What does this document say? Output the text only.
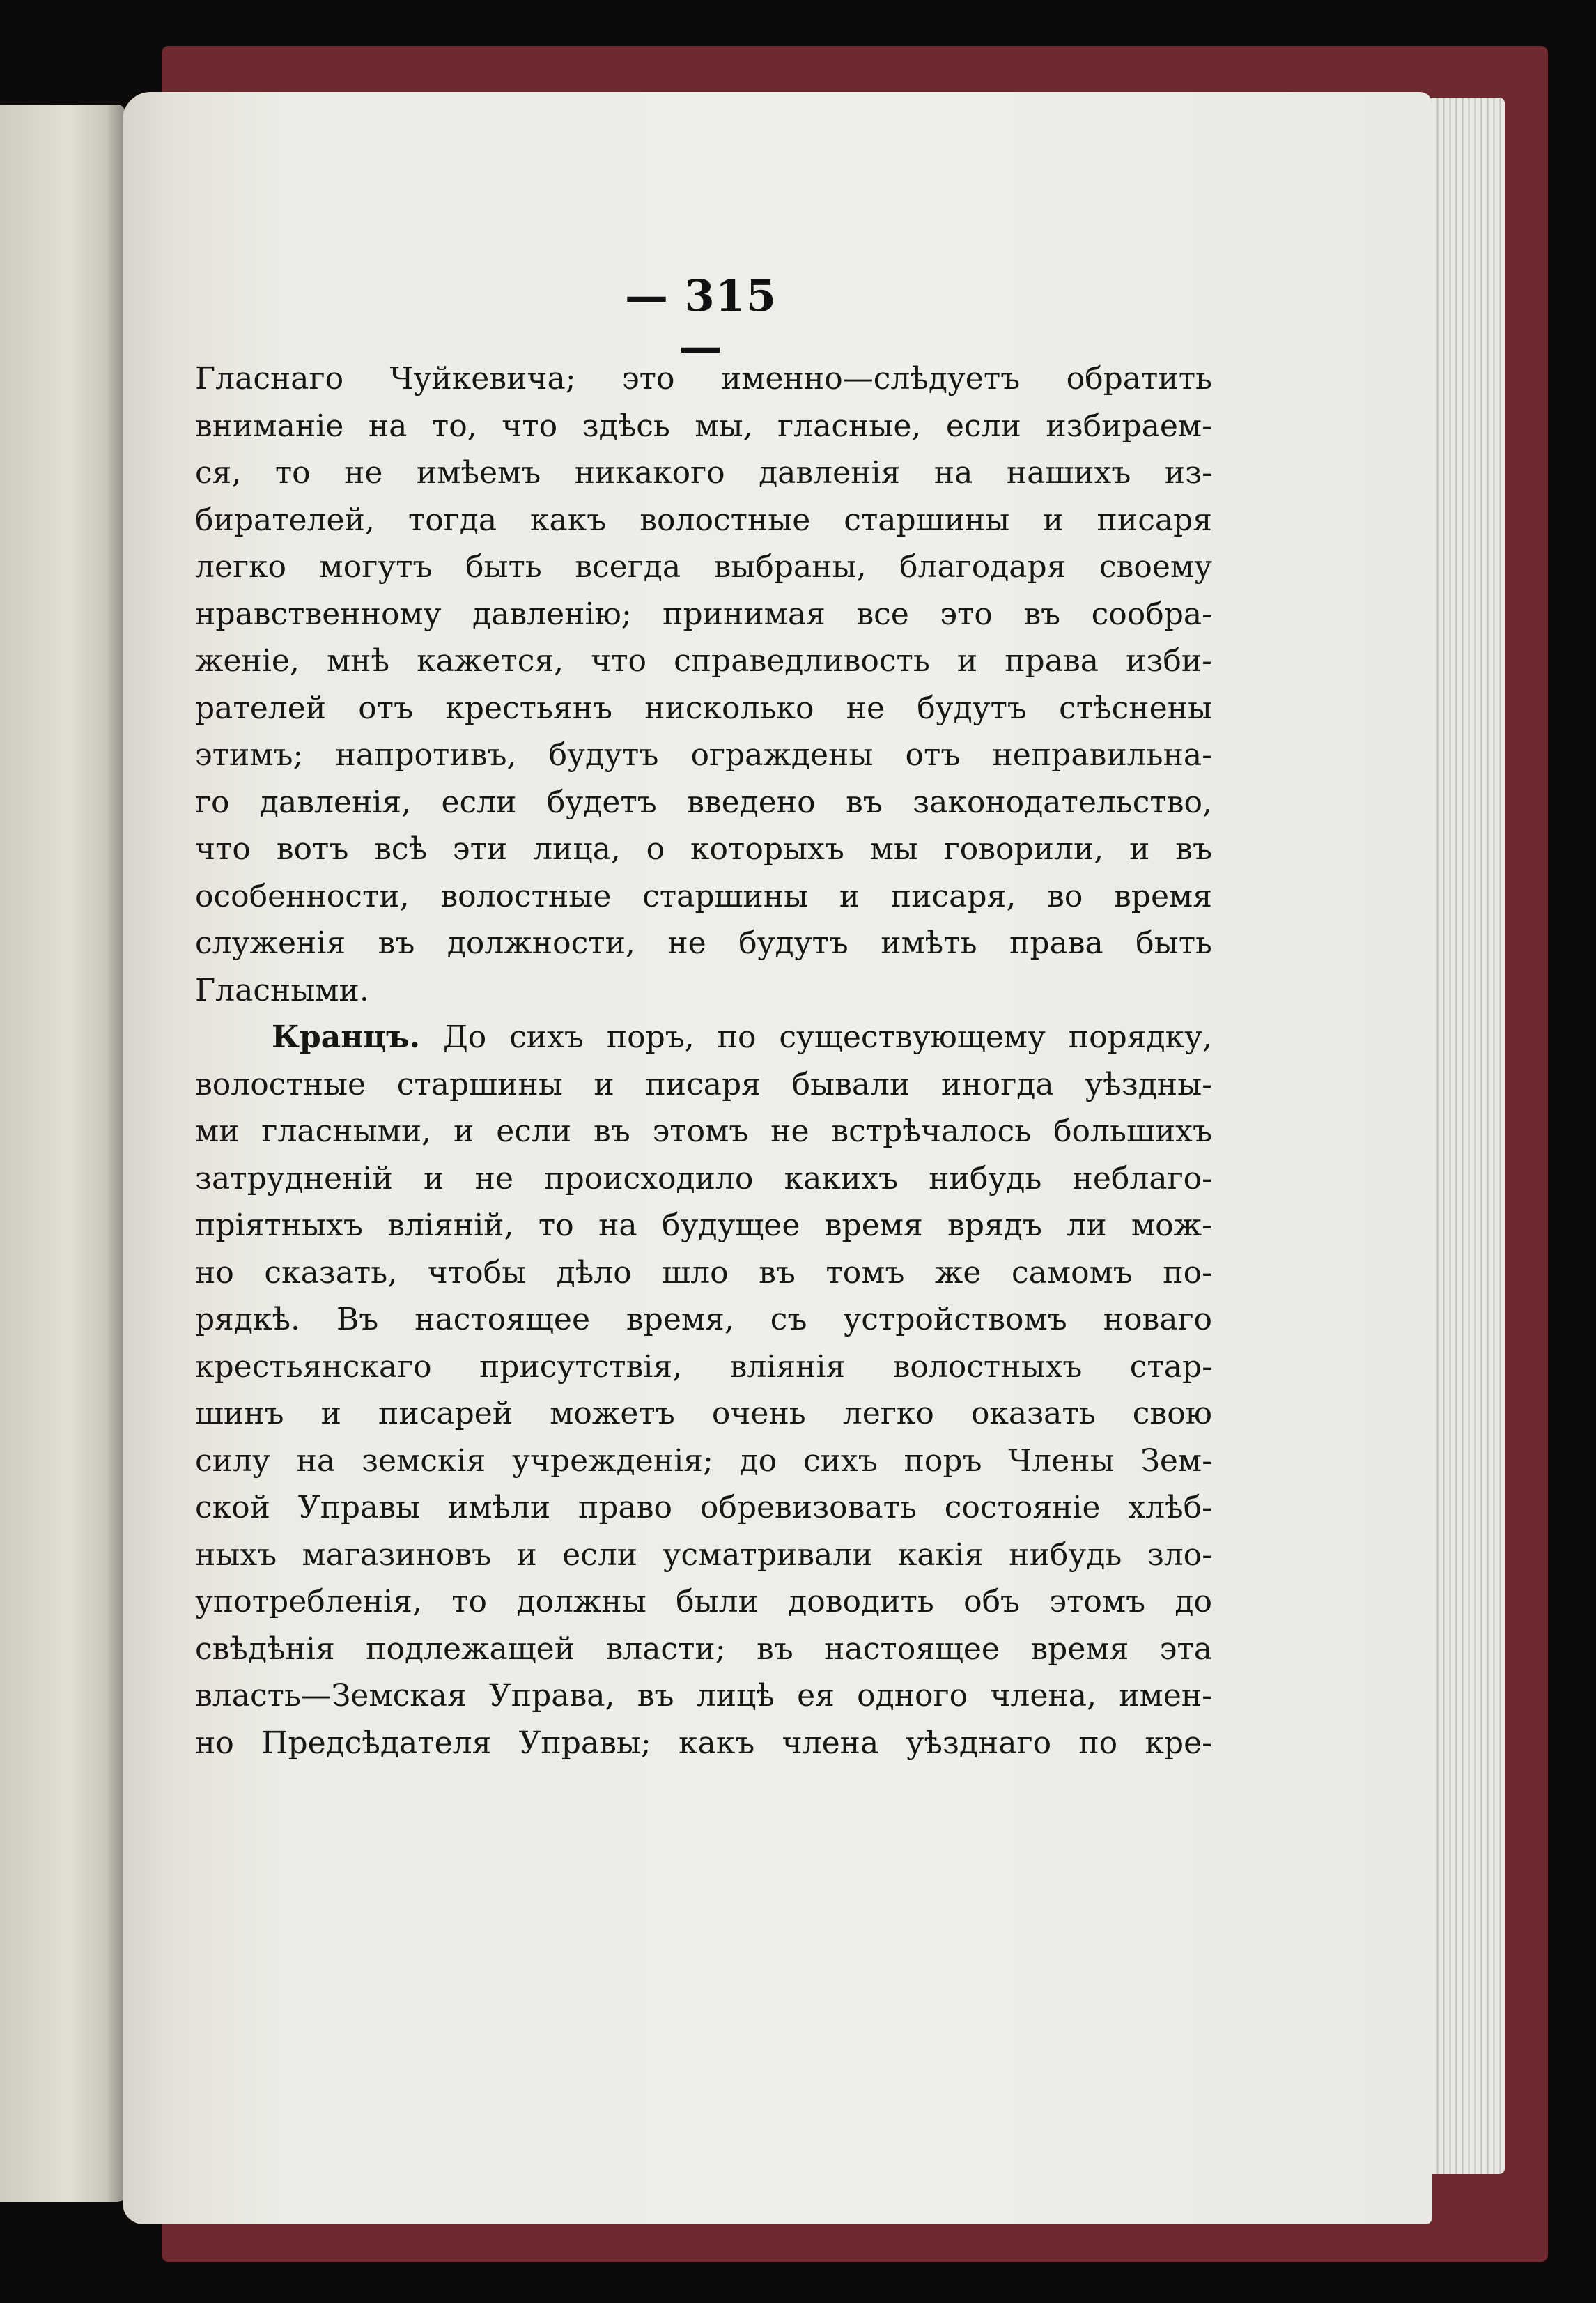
— 315 —
Гласнаго Чуйкевича; это именно—слѣдуетъ обратить
вниманіе на то, что здѣсь мы, гласные, если избираем-
ся, то не имѣемъ никакого давленія на нашихъ из-
бирателей, тогда какъ волостные старшины и писаря
легко могутъ быть всегда выбраны, благодаря своему
нравственному давленію; принимая все это въ сообра-
женіе, мнѣ кажется, что справедливость и права изби-
рателей отъ крестьянъ нисколько не будутъ стѣснены
этимъ; напротивъ, будутъ ограждены отъ неправильна-
го давленія, если будетъ введено въ законодательство,
что вотъ всѣ эти лица, о которыхъ мы говорили, и въ
особенности, волостные старшины и писаря, во время
служенія въ должности, не будутъ имѣть права быть
Гласными.
Кранцъ. До сихъ поръ, по существующему порядку,
волостные старшины и писаря бывали иногда уѣздны-
ми гласными, и если въ этомъ не встрѣчалось большихъ
затрудненій и не происходило какихъ нибудь неблаго-
пріятныхъ вліяній, то на будущее время врядъ ли мож-
но сказать, чтобы дѣло шло въ томъ же самомъ по-
рядкѣ. Въ настоящее время, съ устройствомъ новаго
крестьянскаго присутствія, вліянія волостныхъ стар-
шинъ и писарей можетъ очень легко оказать свою
силу на земскія учрежденія; до сихъ поръ Члены Зем-
ской Управы имѣли право обревизовать состояніе хлѣб-
ныхъ магазиновъ и если усматривали какія нибудь зло-
употребленія, то должны были доводить объ этомъ до
свѣдѣнія подлежащей власти; въ настоящее время эта
власть—Земская Управа, въ лицѣ ея одного члена, имен-
но Предсѣдателя Управы; какъ члена уѣзднаго по кре-
